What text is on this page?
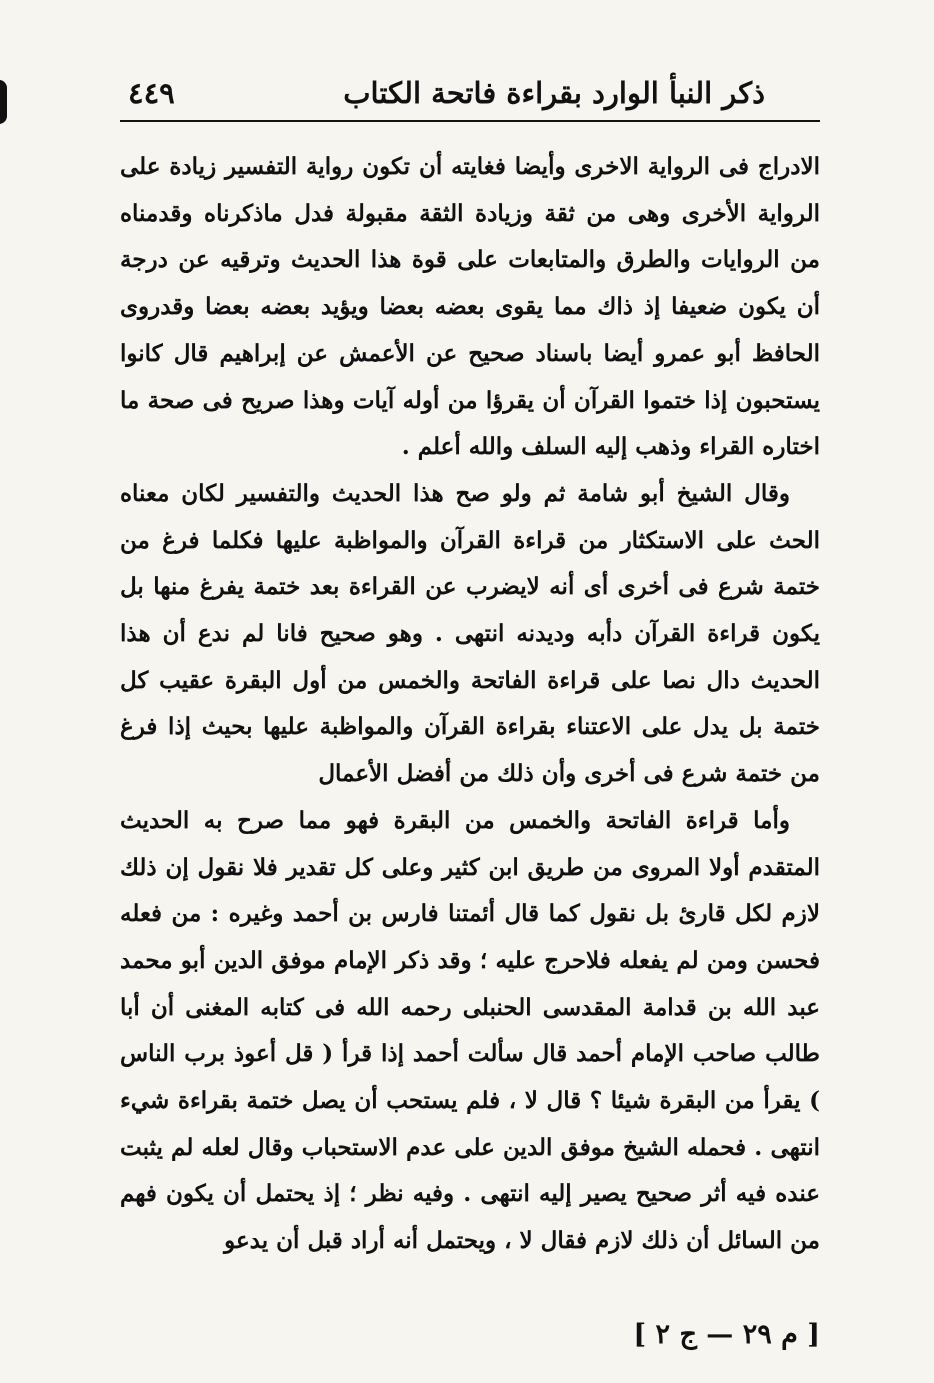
ذكر النبأ الوارد بقراءة فاتحة الكتاب
٤٤٩

الادراج فى الرواية الاخرى وأيضا فغايته أن تكون رواية التفسير زيادة على الرواية الأخرى وهى من ثقة وزيادة الثقة مقبولة فدل ماذكرناه وقدمناه من الروايات والطرق والمتابعات على قوة هذا الحديث وترقيه عن درجة أن يكون ضعيفا إذ ذاك مما يقوى بعضه بعضا ويؤيد بعضه بعضا وقدروى الحافظ أبو عمرو أيضا باسناد صحيح عن الأعمش عن إبراهيم قال كانوا يستحبون إذا ختموا القرآن أن يقرؤا من أوله آيات وهذا صريح فى صحة ما اختاره القراء وذهب إليه السلف والله أعلم .

وقال الشيخ أبو شامة ثم ولو صح هذا الحديث والتفسير لكان معناه الحث على الاستكثار من قراءة القرآن والمواظبة عليها فكلما فرغ من ختمة شرع فى أخرى أى أنه لايضرب عن القراءة بعد ختمة يفرغ منها بل يكون قراءة القرآن دأبه وديدنه انتهى . وهو صحيح فانا لم ندع أن هذا الحديث دال نصا على قراءة الفاتحة والخمس من أول البقرة عقيب كل ختمة بل يدل على الاعتناء بقراءة القرآن والمواظبة عليها بحيث إذا فرغ من ختمة شرع فى أخرى وأن ذلك من أفضل الأعمال

وأما قراءة الفاتحة والخمس من البقرة فهو مما صرح به الحديث المتقدم أولا المروى من طريق ابن كثير وعلى كل تقدير فلا نقول إن ذلك لازم لكل قارئ بل نقول كما قال أئمتنا فارس بن أحمد وغيره : من فعله فحسن ومن لم يفعله فلاحرج عليه ؛ وقد ذكر الإمام موفق الدين أبو محمد عبد الله بن قدامة المقدسى الحنبلى رحمه الله فى كتابه المغنى أن أبا طالب صاحب الإمام أحمد قال سألت أحمد إذا قرأ ( قل أعوذ برب الناس ) يقرأ من البقرة شيئا ؟ قال لا ، فلم يستحب أن يصل ختمة بقراءة شيء انتهى . فحمله الشيخ موفق الدين على عدم الاستحباب وقال لعله لم يثبت عنده فيه أثر صحيح يصير إليه انتهى . وفيه نظر ؛ إذ يحتمل أن يكون فهم من السائل أن ذلك لازم فقال لا ، ويحتمل أنه أراد قبل أن يدعو

[ م ٢٩ — ج ٢ ]
